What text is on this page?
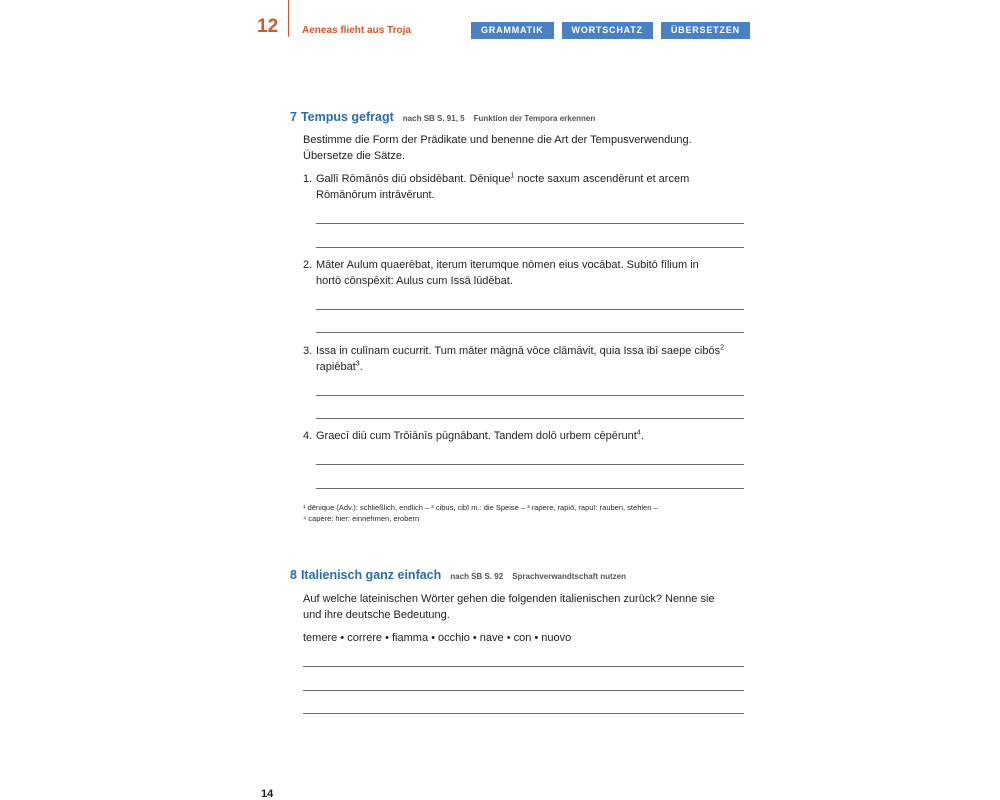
12 Aeneas flieht aus Troja	GRAMMATIK	WORTSCHATZ	ÜBERSETZEN
7 Tempus gefragt nach SB S. 91, 5 Funktion der Tempora erkennen
Bestimme die Form der Prädikate und benenne die Art der Tempusverwendung.
Übersetze die Sätze.
1. Gallī Rōmānōs diū obsidēbant. Dēnique$^1$ nocte saxum ascendērunt et arcem
Rōmānōrum intrāvērunt.
2. Māter Aulum quaerēbat, iterum iterumque nōmen eius vocābat. Subitō fīlium in
hortō cōnspēxit: Aulus cum Issā lūdēbat.
3. Issa in culīnam cucurrit. Tum māter māgnā vōce clāmāvit, quia Issa ibī saepe cibōs$^2$
rapiēbat$^3$.
4. Graecī diū cum Trōiānīs pūgnābant. Tandem dolō urbem cēpērunt$^4$.
¹ dēnique (Adv.): schließlich, endlich – ² cibus, cibī m.: die Speise – ³ rapere, rapiō, rapuī: rauben, stehlen –
⁴ capere: hier: einnehmen, erobern
8 Italienisch ganz einfach nach SB S. 92 Sprachverwandtschaft nutzen
Auf welche lateinischen Wörter gehen die folgenden italienischen zurück? Nenne sie
und ihre deutsche Bedeutung.
temere • correre • fiamma • occhio • nave • con • nuovo
14
